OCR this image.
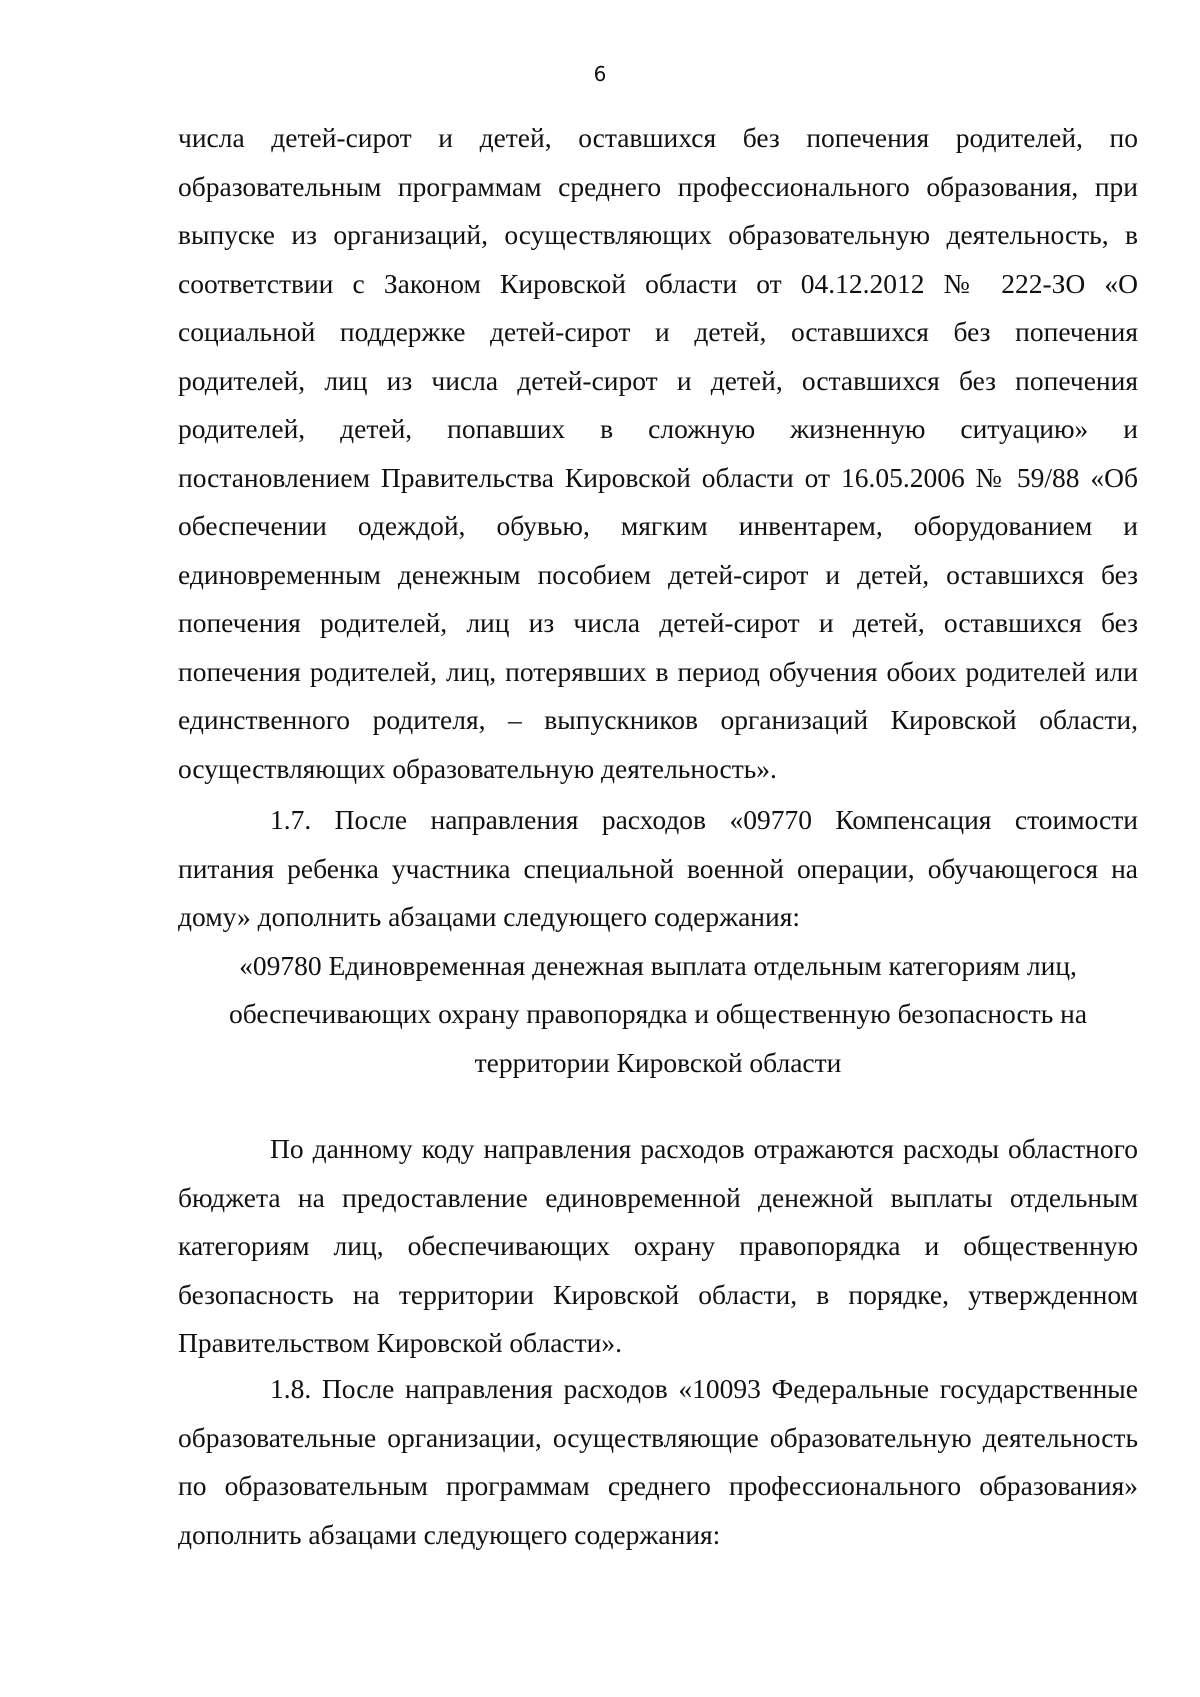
6

числа детей-сирот и детей, оставшихся без попечения родителей, по образовательным программам среднего профессионального образования, при выпуске из организаций, осуществляющих образовательную деятельность, в соответствии с Законом Кировской области от 04.12.2012 № 222-ЗО «О социальной поддержке детей-сирот и детей, оставшихся без попечения родителей, лиц из числа детей-сирот и детей, оставшихся без попечения родителей, детей, попавших в сложную жизненную ситуацию» и постановлением Правительства Кировской области от 16.05.2006 № 59/88 «Об обеспечении одеждой, обувью, мягким инвентарем, оборудованием и единовременным денежным пособием детей-сирот и детей, оставшихся без попечения родителей, лиц из числа детей-сирот и детей, оставшихся без попечения родителей, лиц, потерявших в период обучения обоих родителей или единственного родителя, – выпускников организаций Кировской области, осуществляющих образовательную деятельность».

1.7. После направления расходов «09770 Компенсация стоимости питания ребенка участника специальной военной операции, обучающегося на дому» дополнить абзацами следующего содержания:

«09780 Единовременная денежная выплата отдельным категориям лиц,

обеспечивающих охрану правопорядка и общественную безопасность на

территории Кировской области

По данному коду направления расходов отражаются расходы областного бюджета на предоставление единовременной денежной выплаты отдельным категориям лиц, обеспечивающих охрану правопорядка и общественную безопасность на территории Кировской области, в порядке, утвержденном Правительством Кировской области».

1.8. После направления расходов «10093 Федеральные государственные образовательные организации, осуществляющие образовательную деятельность по образовательным программам среднего профессионального образования» дополнить абзацами следующего содержания:
